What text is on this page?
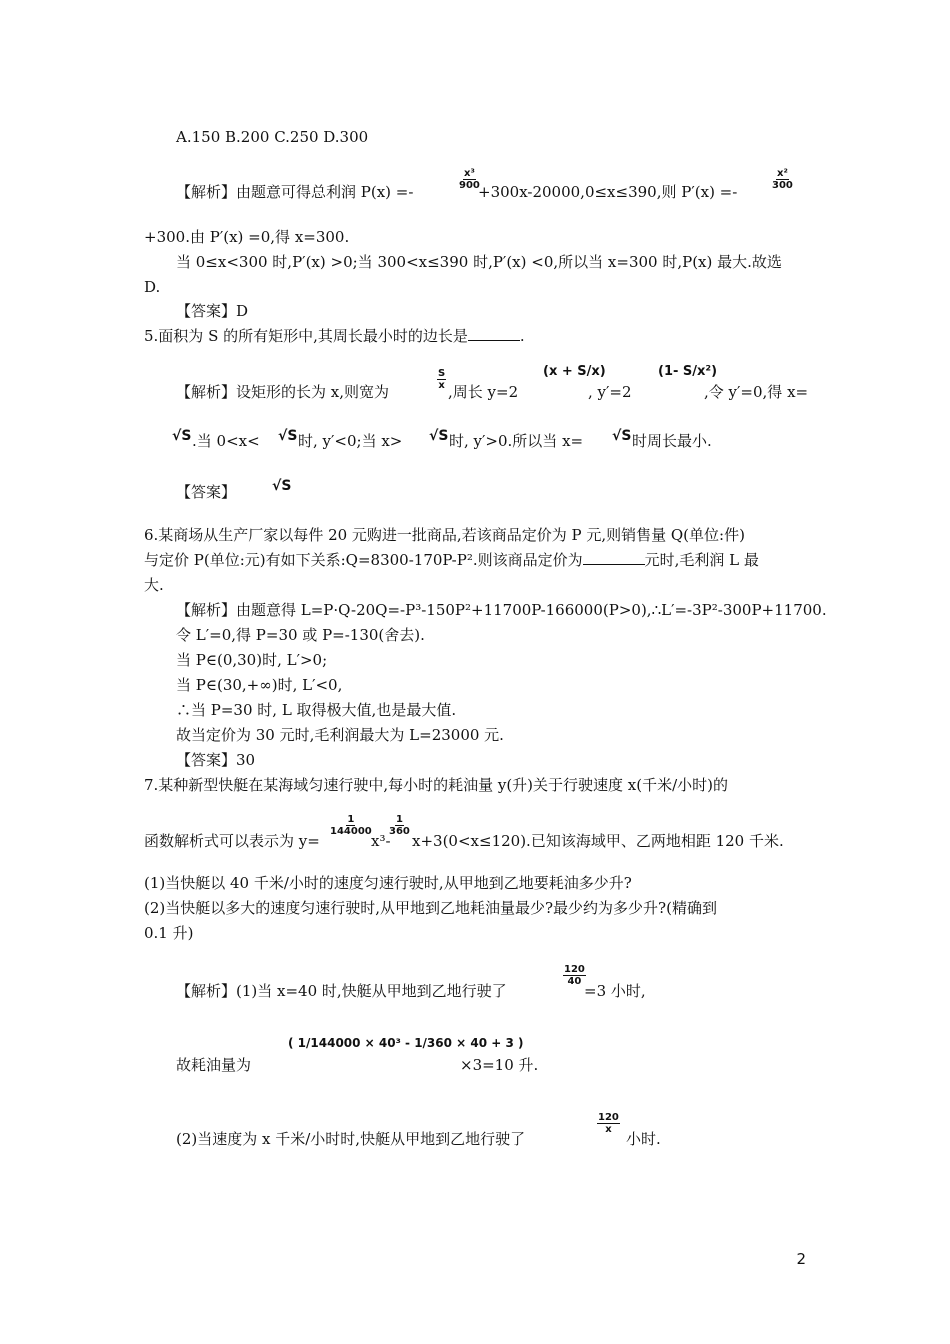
A.150 B.200 C.250 D.300
【解析】由题意可得总利润 P(x) =-
$\frac{\text{x³}}{900}$
+300x-20000,0≤x≤390,则 P′(x) =-
$\frac{\text{x²}}{300}$
+300.由 P′(x) =0,得 x=300.
当 0≤x<300 时,P′(x) >0;当 300<x≤390 时,P′(x) <0,所以当 x=300 时,P(x) 最大.故选
D.
【答案】D
5.面积为 S 的所有矩形中,其周长最小时的边长是	.
【解析】设矩形的长为 x,则宽为
$\frac{S}{x}$
,周长 y=2
(x + S/x)
, y′=2
(1- S/x²)
,令 y′=0,得 x=
√S .当 0<x< √S 时, y′<0;当 x> √S 时, y′>0.所以当 x= √S 时周长最小.
【答案】	√S
6.某商场从生产厂家以每件 20 元购进一批商品,若该商品定价为 P 元,则销售量 Q(单位:件)
与定价 P(单位:元)有如下关系:Q=8300-170P-P².则该商品定价为	元时,毛利润 L 最
大.
【解析】由题意得 L=P·Q-20Q=-P³-150P²+11700P-166000(P>0),∴L′=-3P²-300P+11700.
令 L′=0,得 P=30 或 P=-130(舍去).
当 P∈(0,30)时, L′>0;
当 P∈(30,+∞)时, L′<0,
∴当 P=30 时, L 取得极大值,也是最大值.
故当定价为 30 元时,毛利润最大为 L=23000 元.
【答案】30
7.某种新型快艇在某海域匀速行驶中,每小时的耗油量 y(升)关于行驶速度 x(千米/小时)的
函数解析式可以表示为 y=
$\frac{1}{144000}$
x³-
$\frac{1}{360}$
x+3(0<x≤120).已知该海域甲、乙两地相距 120 千米.
(1)当快艇以 40 千米/小时的速度匀速行驶时,从甲地到乙地要耗油多少升?
(2)当快艇以多大的速度匀速行驶时,从甲地到乙地耗油量最少?最少约为多少升?(精确到
0.1 升)
【解析】(1)当 x=40 时,快艇从甲地到乙地行驶了
$\frac{120}{40}$
=3 小时,
故耗油量为
( 1/144000 × 40³ - 1/360 × 40 + 3 )
×3=10 升.
(2)当速度为 x 千米/小时时,快艇从甲地到乙地行驶了
$\frac{120}{x}$
小时.
2
